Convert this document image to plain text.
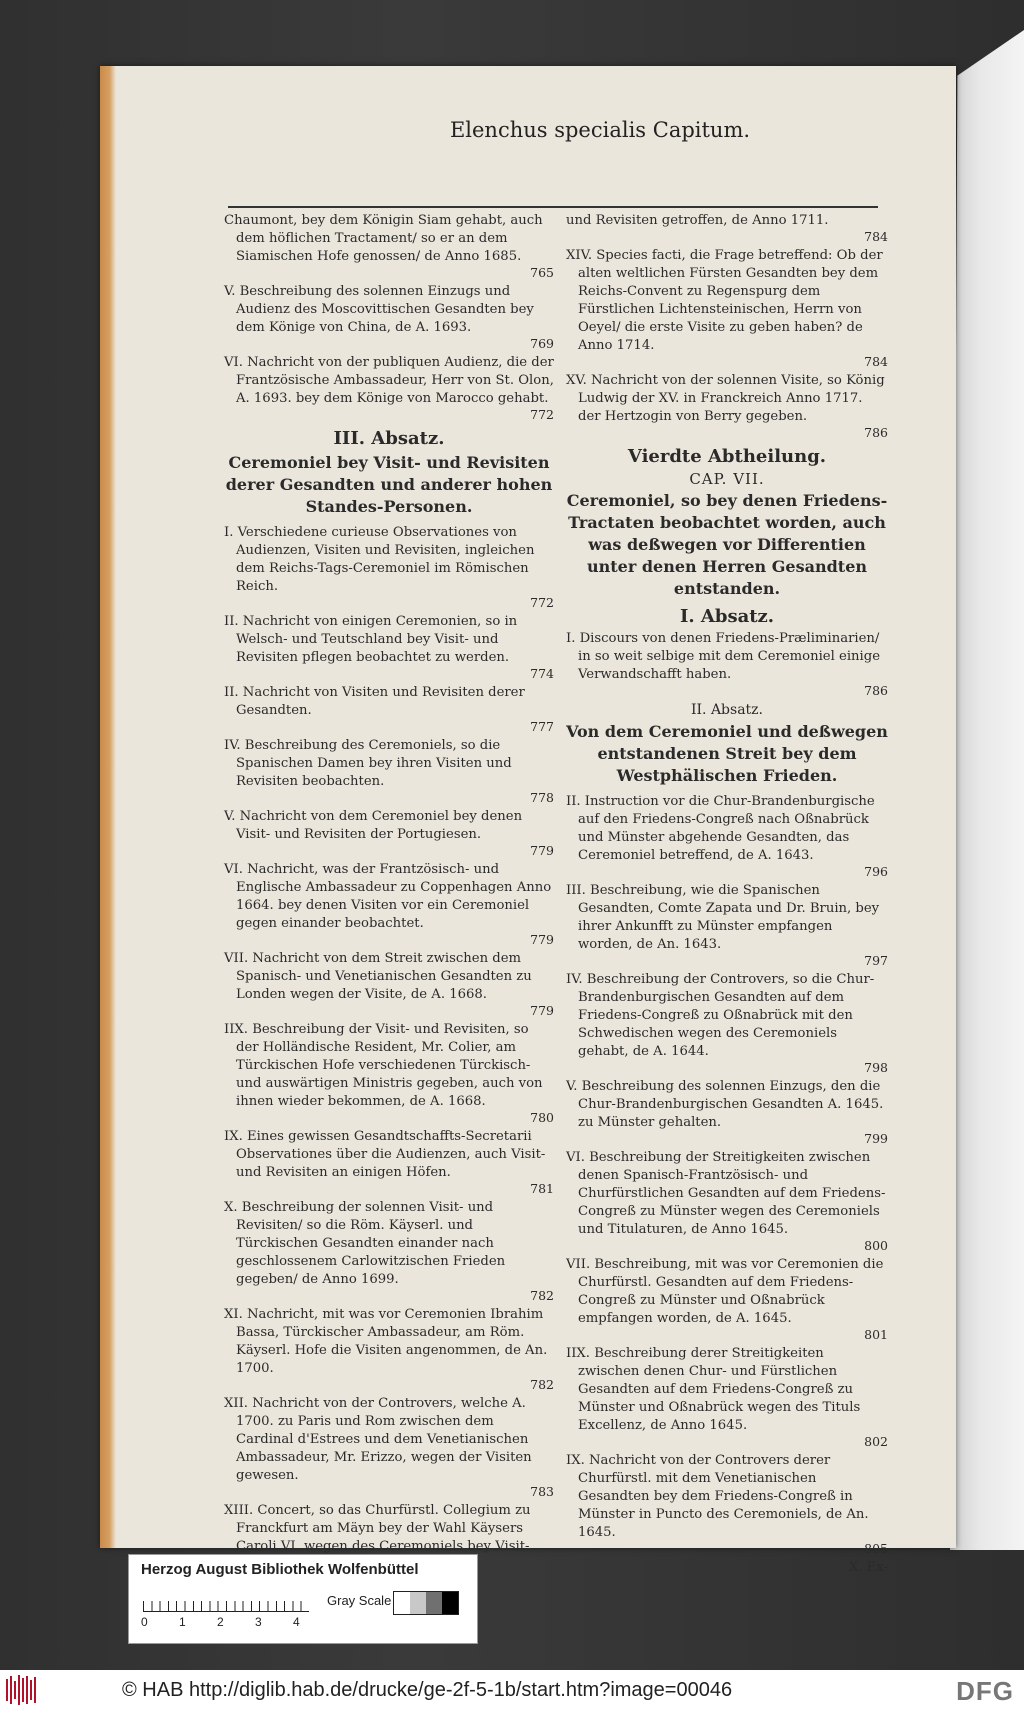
Elenchus specialis Capitum.
Chaumont, bey dem Königin Siam gehabt, auch dem höflichen Tractament/ so er an dem Siamischen Hofe genossen/ de Anno 1685.
765
V. Beschreibung des solennen Einzugs und Audienz des Moscovittischen Gesandten bey dem Könige von China, de A. 1693.
769
VI. Nachricht von der publiquen Audienz, die der Frantzösische Ambassadeur, Herr von St. Olon, A. 1693. bey dem Könige von Marocco gehabt.
772
III. Absatz.
Ceremoniel bey Visit- und Revisiten derer Gesandten und anderer hohen Standes-Personen.
I. Verschiedene curieuse Observationes von Audienzen, Visiten und Revisiten, ingleichen dem Reichs-Tags-Ceremoniel im Römischen Reich.
772
II. Nachricht von einigen Ceremonien, so in Welsch- und Teutschland bey Visit- und Revisiten pflegen beobachtet zu werden.
774
II. Nachricht von Visiten und Revisiten derer Gesandten.
777
IV. Beschreibung des Ceremoniels, so die Spanischen Damen bey ihren Visiten und Revisiten beobachten.
778
V. Nachricht von dem Ceremoniel bey denen Visit- und Revisiten der Portugiesen.
779
VI. Nachricht, was der Frantzösisch- und Englische Ambassadeur zu Coppenhagen Anno 1664. bey denen Visiten vor ein Ceremoniel gegen einander beobachtet.
779
VII. Nachricht von dem Streit zwischen dem Spanisch- und Venetianischen Gesandten zu Londen wegen der Visite, de A. 1668.
779
IIX. Beschreibung der Visit- und Revisiten, so der Holländische Resident, Mr. Colier, am Türckischen Hofe verschiedenen Türckisch- und auswärtigen Ministris gegeben, auch von ihnen wieder bekommen, de A. 1668.
780
IX. Eines gewissen Gesandtschaffts-Secretarii Observationes über die Audienzen, auch Visit- und Revisiten an einigen Höfen.
781
X. Beschreibung der solennen Visit- und Revisiten/ so die Röm. Käyserl. und Türckischen Gesandten einander nach geschlossenem Carlowitzischen Frieden gegeben/ de Anno 1699.
782
XI. Nachricht, mit was vor Ceremonien Ibrahim Bassa, Türckischer Ambassadeur, am Röm. Käyserl. Hofe die Visiten angenommen, de An. 1700.
782
XII. Nachricht von der Controvers, welche A. 1700. zu Paris und Rom zwischen dem Cardinal d'Estrees und dem Venetianischen Ambassadeur, Mr. Erizzo, wegen der Visiten gewesen.
783
XIII. Concert, so das Churfürstl. Collegium zu Franckfurt am Mäyn bey der Wahl Käysers Caroli VI. wegen des Ceremoniels bey Visit-
und Revisiten getroffen, de Anno 1711.
784
XIV. Species facti, die Frage betreffend: Ob der alten weltlichen Fürsten Gesandten bey dem Reichs-Convent zu Regenspurg dem Fürstlichen Lichtensteinischen, Herrn von Oeyel/ die erste Visite zu geben haben? de Anno 1714.
784
XV. Nachricht von der solennen Visite, so König Ludwig der XV. in Franckreich Anno 1717. der Hertzogin von Berry gegeben.
786
Vierdte Abtheilung.
CAP. VII.
Ceremoniel, so bey denen Friedens-Tractaten beobachtet worden, auch was deßwegen vor Differentien unter denen Herren Gesandten entstanden.
I. Absatz.
I. Discours von denen Friedens-Præliminarien/ in so weit selbige mit dem Ceremoniel einige Verwandschafft haben.
786
II. Absatz.
Von dem Ceremoniel und deßwegen entstandenen Streit bey dem Westphälischen Frieden.
II. Instruction vor die Chur-Brandenburgische auf den Friedens-Congreß nach Oßnabrück und Münster abgehende Gesandten, das Ceremoniel betreffend, de A. 1643.
796
III. Beschreibung, wie die Spanischen Gesandten, Comte Zapata und Dr. Bruin, bey ihrer Ankunfft zu Münster empfangen worden, de An. 1643.
797
IV. Beschreibung der Controvers, so die Chur-Brandenburgischen Gesandten auf dem Friedens-Congreß zu Oßnabrück mit den Schwedischen wegen des Ceremoniels gehabt, de A. 1644.
798
V. Beschreibung des solennen Einzugs, den die Chur-Brandenburgischen Gesandten A. 1645. zu Münster gehalten.
799
VI. Beschreibung der Streitigkeiten zwischen denen Spanisch-Frantzösisch- und Churfürstlichen Gesandten auf dem Friedens-Congreß zu Münster wegen des Ceremoniels und Titulaturen, de Anno 1645.
800
VII. Beschreibung, mit was vor Ceremonien die Churfürstl. Gesandten auf dem Friedens-Congreß zu Münster und Oßnabrück empfangen worden, de A. 1645.
801
IIX. Beschreibung derer Streitigkeiten zwischen denen Chur- und Fürstlichen Gesandten auf dem Friedens-Congreß zu Münster und Oßnabrück wegen des Tituls Excellenz, de Anno 1645.
802
IX. Nachricht von der Controvers derer Churfürstl. mit dem Venetianischen Gesandten bey dem Friedens-Congreß in Münster in Puncto des Ceremoniels, de An. 1645.
805
X. Ex-
Herzog August Bibliothek Wolfenbüttel
0	1	2	3	4
Gray Scale
© HAB http://diglib.hab.de/drucke/ge-2f-5-1b/start.htm?image=00046	DFG
